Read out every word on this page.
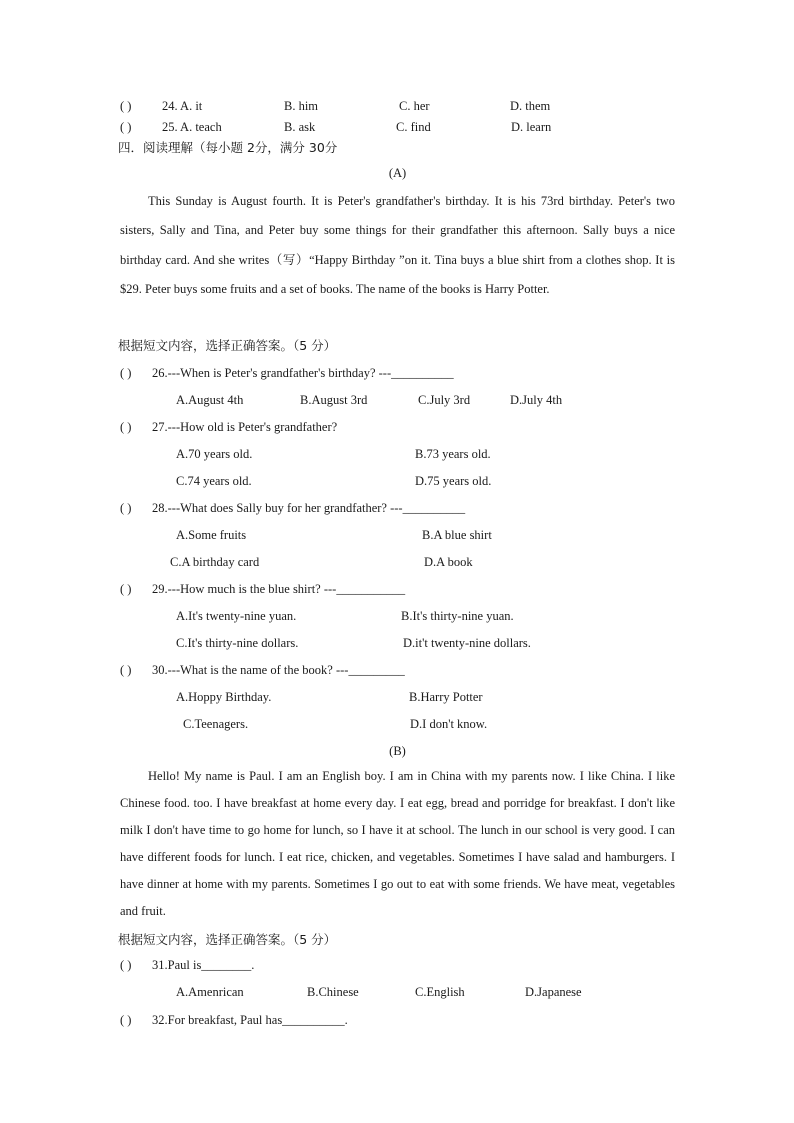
( ) 24. A. it	B. him	C. her	D. them
( ) 25. A. teach	B. ask	C. find	D. learn
四．阅读理解（每小题 2分，满分 30分
(A)
This Sunday is August fourth. It is Peter's grandfather's birthday. It is his 73rd birthday. Peter's two sisters, Sally and Tina, and Peter buy some things for their grandfather this afternoon. Sally buys a nice birthday card. And she writes（写）“Happy Birthday ”on it. Tina buys a blue shirt from a clothes shop. It is $29. Peter buys some fruits and a set of books. The name of the books is Harry Potter.
根据短文内容，选择正确答案。（5 分）
( ) 26.---When is Peter's grandfather's birthday? ---__________
A.August 4th	B.August 3rd	C.July 3rd	D.July 4th
( ) 27.---How old is Peter's grandfather?
A.70 years old.	B.73 years old.
C.74 years old.	D.75 years old.
( ) 28.---What does Sally buy for her grandfather? ---__________
A.Some fruits	B.A blue shirt
C.A birthday card	D.A book
( ) 29.---How much is the blue shirt? ---___________
A.It's twenty-nine yuan.	B.It's thirty-nine yuan.
C.It's thirty-nine dollars.	D.it't twenty-nine dollars.
( ) 30.---What is the name of the book? ---_________
A.Hoppy Birthday.	B.Harry Potter
C.Teenagers.	D.I don't know.
(B)
Hello! My name is Paul. I am an English boy. I am in China with my parents now. I like China. I like Chinese food. too. I have breakfast at home every day. I eat egg, bread and porridge for breakfast. I don't like milk I don't have time to go home for lunch, so I have it at school. The lunch in our school is very good. I can have different foods for lunch. I eat rice, chicken, and vegetables. Sometimes I have salad and hamburgers. I have dinner at home with my parents. Sometimes I go out to eat with some friends. We have meat, vegetables and fruit.
根据短文内容，选择正确答案。（5 分）
( ) 31.Paul is________.
A.Amenrican	B.Chinese	C.English	D.Japanese
( ) 32.For breakfast, Paul has__________.
